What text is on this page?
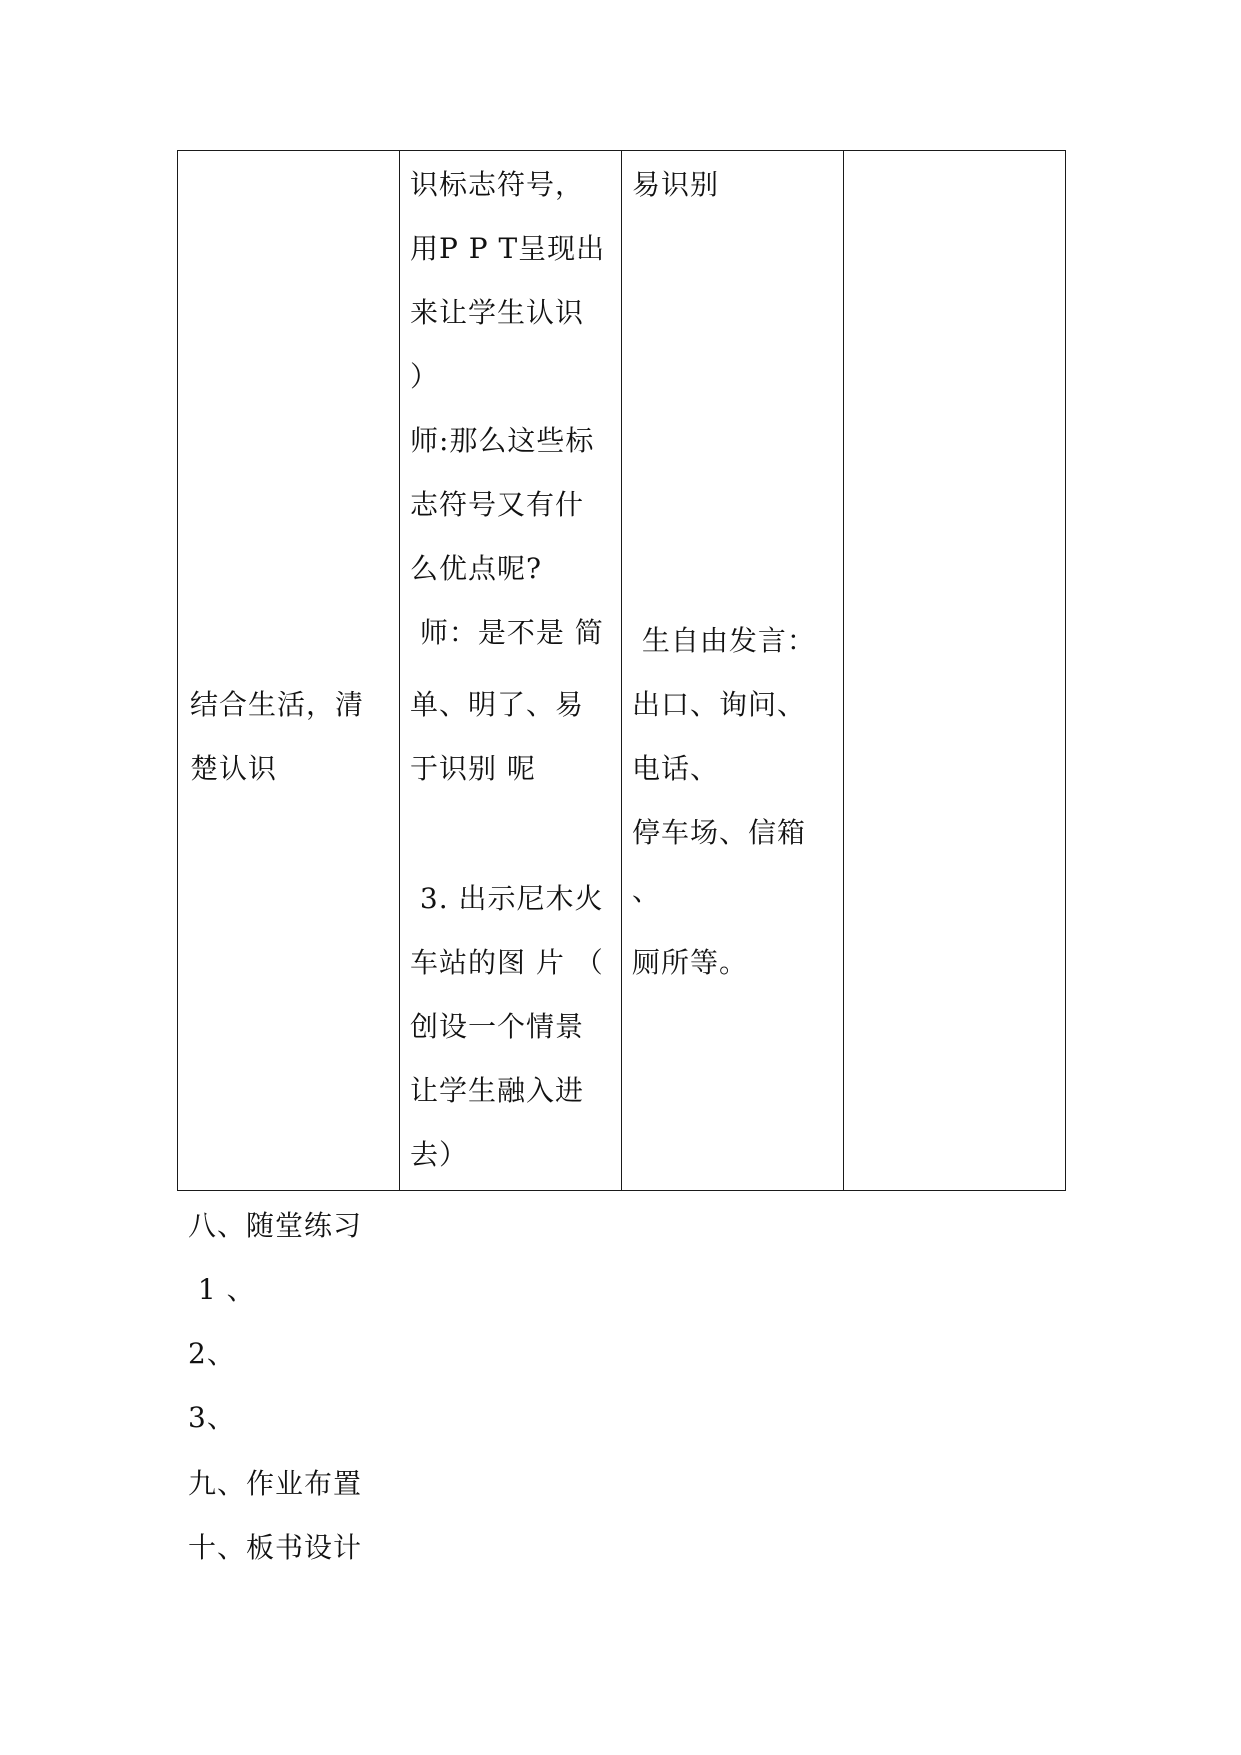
结合生活，清
楚认识
识标志符号，
用P P T呈现出
来让学生认识
）
师:那么这些标
志符号又有什
么优点呢?
师：是不是 简
单、明了、易
于识别 呢
3. 出示尼木火
车站的图 片 （
创设一个情景
让学生融入进
去）
易识别
生自由发言：
出口、询问、
电话、
停车场、信箱
、
厕所等。
八、随堂练习
1 、
2、
3、
九、作业布置
十、板书设计
